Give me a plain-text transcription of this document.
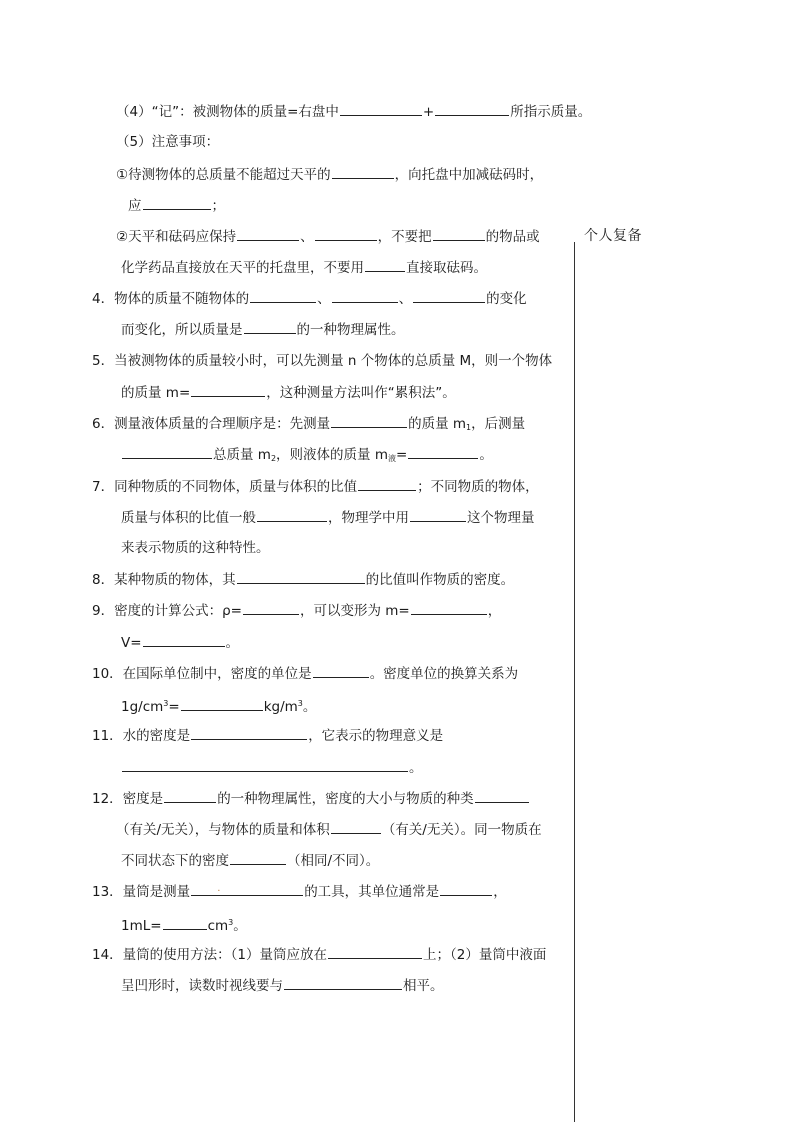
个人复备
（4）“记”：被测物体的质量=右盘中	+	所指示质量。
（5）注意事项：
①待测物体的总质量不能超过天平的	，向托盘中加减砝码时，
应	；
②天平和砝码应保持	、	，不要把	的物品或
化学药品直接放在天平的托盘里，不要用	直接取砝码。
4．物体的质量不随物体的	、	、	的变化
而变化，所以质量是	的一种物理属性。
5．当被测物体的质量较小时，可以先测量 n 个物体的总质量 M，则一个物体
的质量 m=	，这种测量方法叫作“累积法”。
6．测量液体质量的合理顺序是：先测量	的质量 $m_1$，后测量
总质量 $m_2$，则液体的质量 $m_液=$	。
7．同种物质的不同物体，质量与体积的比值	；不同物质的物体，
质量与体积的比值一般	，物理学中用	这个物理量
来表示物质的这种特性。
8．某种物质的物体，其	的比值叫作物质的密度。
9．密度的计算公式：ρ=	，可以变形为 m=	，
V=	。
10．在国际单位制中，密度的单位是	。密度单位的换算关系为
$1g/cm^3=$	$kg/m^3$。
11．水的密度是	，它表示的物理意义是
。
12．密度是	的一种物理属性，密度的大小与物质的种类
（有关/无关），与物体的质量和体积	（有关/无关）。同一物质在
不同状态下的密度	（相同/不同）。
13．量筒是测量	.	的工具，其单位通常是	，
1mL=	$cm^3$。
14．量筒的使用方法：（1）量筒应放在	上；（2）量筒中液面
呈凹形时，读数时视线要与	相平。
